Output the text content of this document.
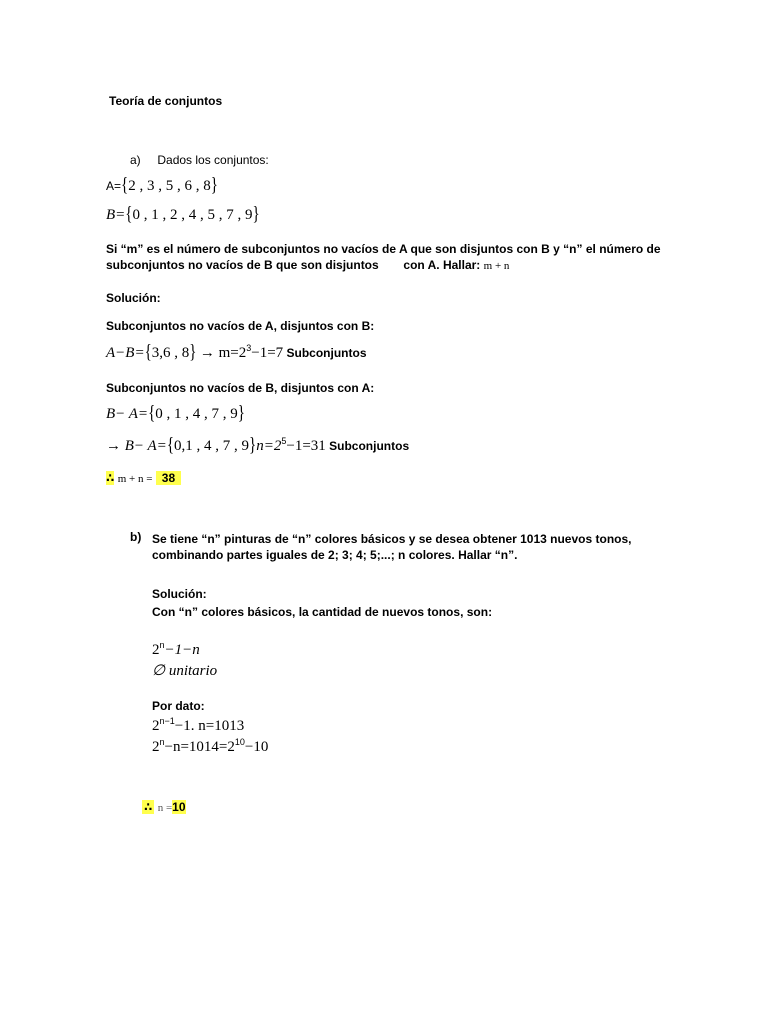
Teoría de conjuntos
a) Dados los conjuntos:
A={2 , 3 , 5 , 6 , 8}
B={0 , 1 , 2 , 4 , 5 , 7 , 9}
Si “m” es el número de subconjuntos no vacíos de A que son disjuntos con B y “n” el número de
subconjuntos no vacíos de B que son disjuntos con A. Hallar: m + n
Solución:
Subconjuntos no vacíos de A, disjuntos con B:
A−B={3,6 , $8\} \to m=2^3-1=7$ Subconjuntos
Subconjuntos no vacíos de B, disjuntos con A:
B− A={0 , 1 , 4 , 7 , 9}
→ B− A={0,1 , 4 , 7 , $9\}n=2^5-1=31$ Subconjuntos
∴ m + n = 38
b) Se tiene “n” pinturas de “n” colores básicos y se desea obtener 1013 nuevos tonos,
combinando partes iguales de 2; 3; 4; 5;...; n colores. Hallar “n”.
Solución:
Con “n” colores básicos, la cantidad de nuevos tonos, son:
$2^n-1-n$
∅ unitario
Por dato:
$2^{n-1}-1$. n=1013
$2^n-n=1014=2^{10}-10$
∴ n =10
